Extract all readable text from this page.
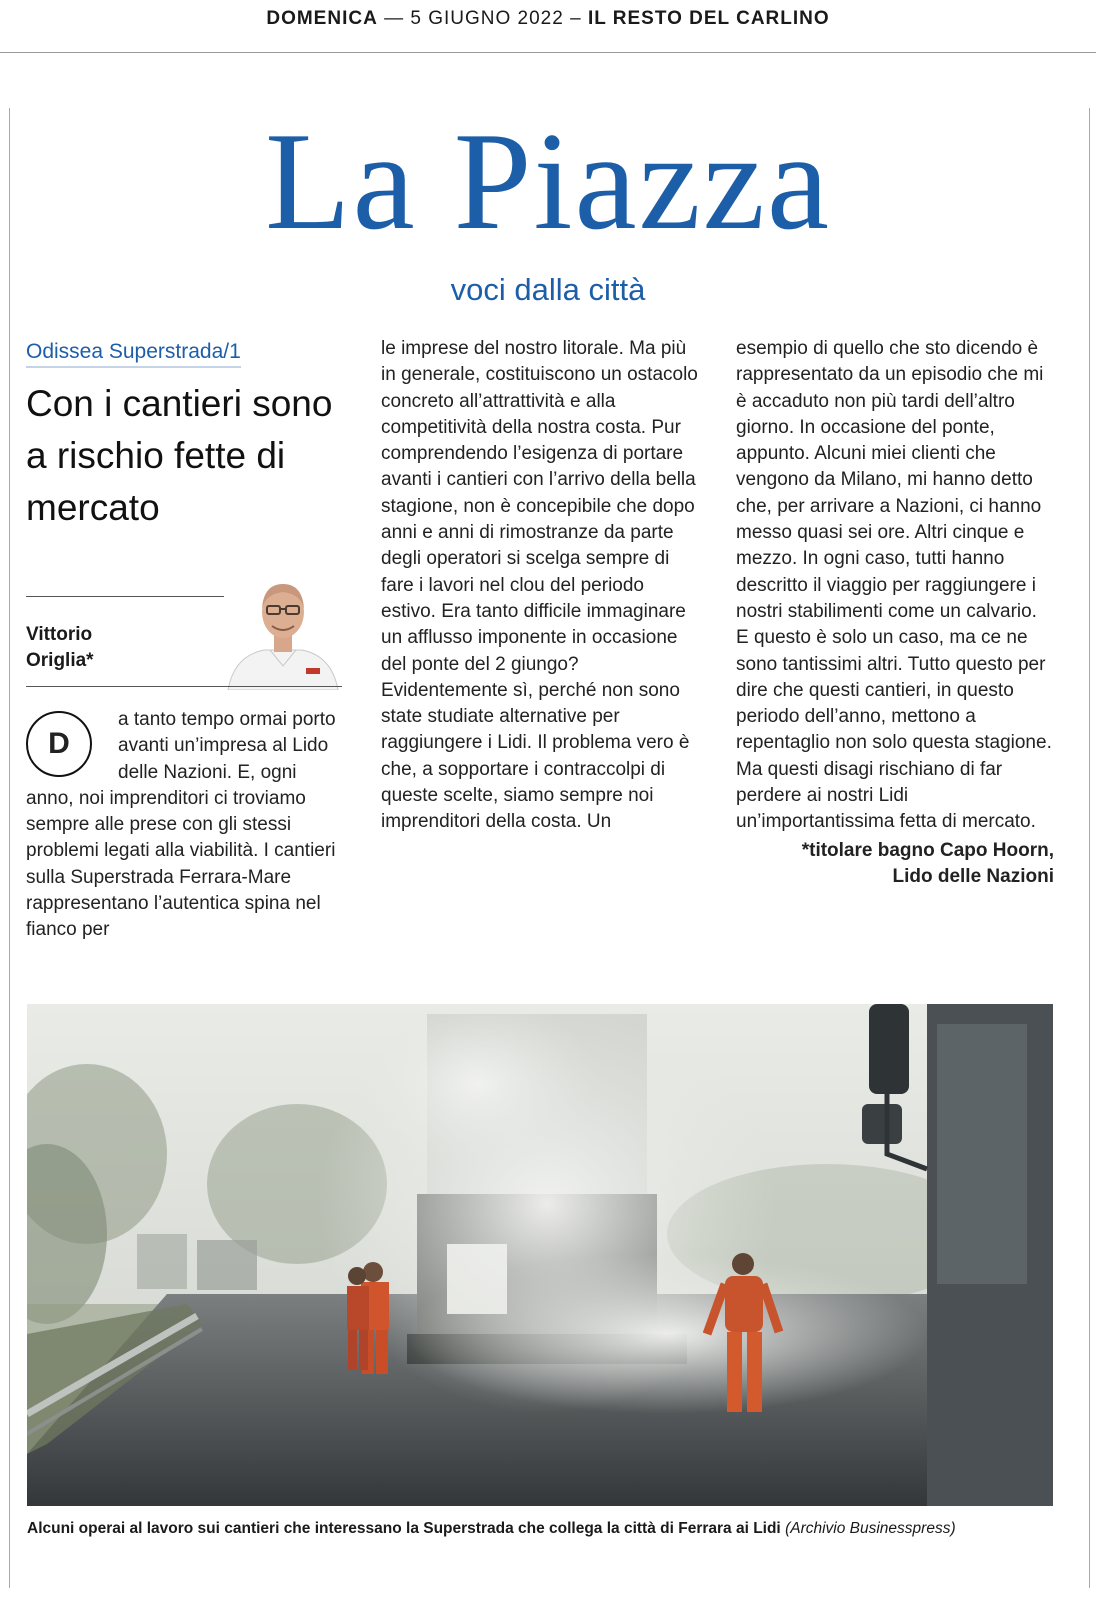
DOMENICA — 5 GIUGNO 2022 – IL RESTO DEL CARLINO
La Piazza
voci dalla città
Odissea Superstrada/1
Con i cantieri sono a rischio fette di mercato
Vittorio
Origlia*
D

a tanto tempo ormai porto avanti un’impresa al Lido delle Nazioni. E, ogni anno, noi imprenditori ci troviamo sempre alle prese con gli stessi problemi legati alla viabilità. I cantieri sulla Superstrada Ferrara-Mare rappresentano l’autentica spina nel fianco per

le imprese del nostro litorale. Ma più in generale, costituiscono un ostacolo concreto all’attrattività e alla competitività della nostra costa. Pur comprendendo l’esigenza di portare avanti i cantieri con l’arrivo della bella stagione, non è concepibile che dopo anni e anni di rimostranze da parte degli operatori si scelga sempre di fare i lavori nel clou del periodo estivo. Era tanto difficile immaginare un afflusso imponente in occasione del ponte del 2 giungo? Evidentemente sì, perché non sono state studiate alternative per raggiungere i Lidi. Il problema vero è che, a sopportare i contraccolpi di queste scelte, siamo sempre noi imprenditori della costa. Un

esempio di quello che sto dicendo è rappresentato da un episodio che mi è accaduto non più tardi dell’altro giorno. In occasione del ponte, appunto. Alcuni miei clienti che vengono da Milano, mi hanno detto che, per arrivare a Nazioni, ci hanno messo quasi sei ore. Altri cinque e mezzo. In ogni caso, tutti hanno descritto il viaggio per raggiungere i nostri stabilimenti come un calvario. E questo è solo un caso, ma ce ne sono tantissimi altri. Tutto questo per dire che questi cantieri, in questo periodo dell’anno, mettono a repentaglio non solo questa stagione. Ma questi disagi rischiano di far perdere ai nostri Lidi un’importantissima fetta di mercato.

*titolare bagno Capo Hoorn,
Lido delle Nazioni
Alcuni operai al lavoro sui cantieri che interessano la Superstrada che collega la città di Ferrara ai Lidi (Archivio Businesspress)
